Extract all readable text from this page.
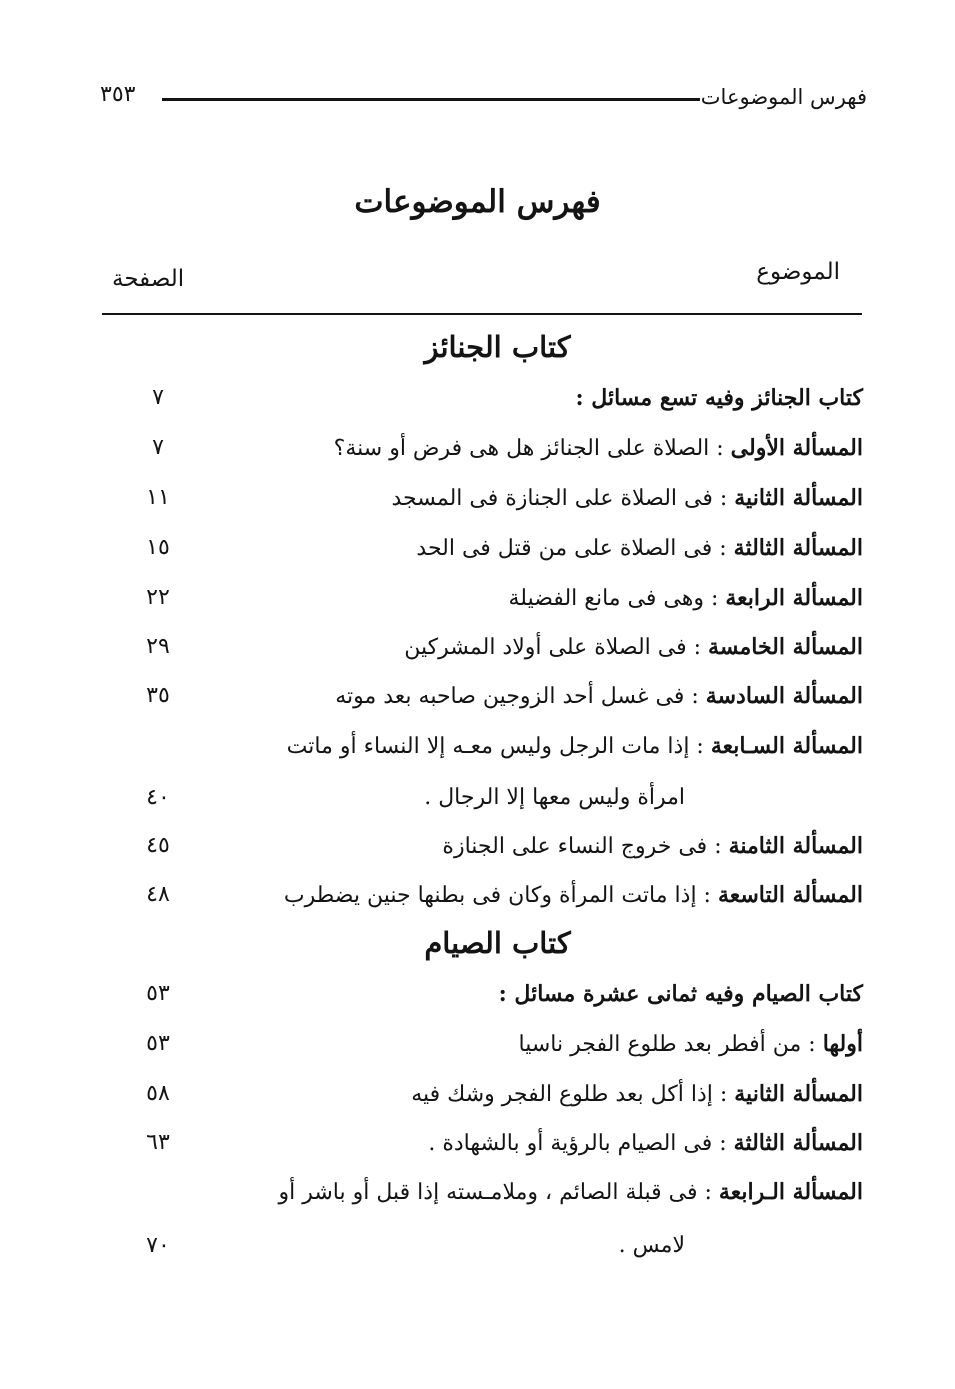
فهرس الموضوعات
٣٥٣
فهرس الموضوعات
الموضوع
الصفحة
كتاب الجنائز
كتاب الجنائز وفيه تسع مسائل :
٧
المسألة الأولى : الصلاة على الجنائز هل هى فرض أو سنة؟
٧
المسألة الثانية : فى الصلاة على الجنازة فى المسجد
١١
المسألة الثالثة : فى الصلاة على من قتل فى الحد
١٥
المسألة الرابعة : وهى فى مانع الفضيلة
٢٢
المسألة الخامسة : فى الصلاة على أولاد المشركين
٢٩
المسألة السادسة : فى غسل أحد الزوجين صاحبه بعد موته
٣٥
المسألة السـابعة : إذا مات الرجل وليس معـه إلا النساء أو ماتت
امرأة وليس معها إلا الرجال .
٤٠
المسألة الثامنة : فى خروج النساء على الجنازة
٤٥
المسألة التاسعة : إذا ماتت المرأة وكان فى بطنها جنين يضطرب
٤٨
كتاب الصيام
كتاب الصيام وفيه ثمانى عشرة مسائل :
٥٣
أولها : من أفطر بعد طلوع الفجر ناسيا
٥٣
المسألة الثانية : إذا أكل بعد طلوع الفجر وشك فيه
٥٨
المسألة الثالثة : فى الصيام بالرؤية أو بالشهادة .
٦٣
المسألة الـرابعة : فى قبلة الصائم ، وملامـسته إذا قبل أو باشر أو
لامس .
٧٠
